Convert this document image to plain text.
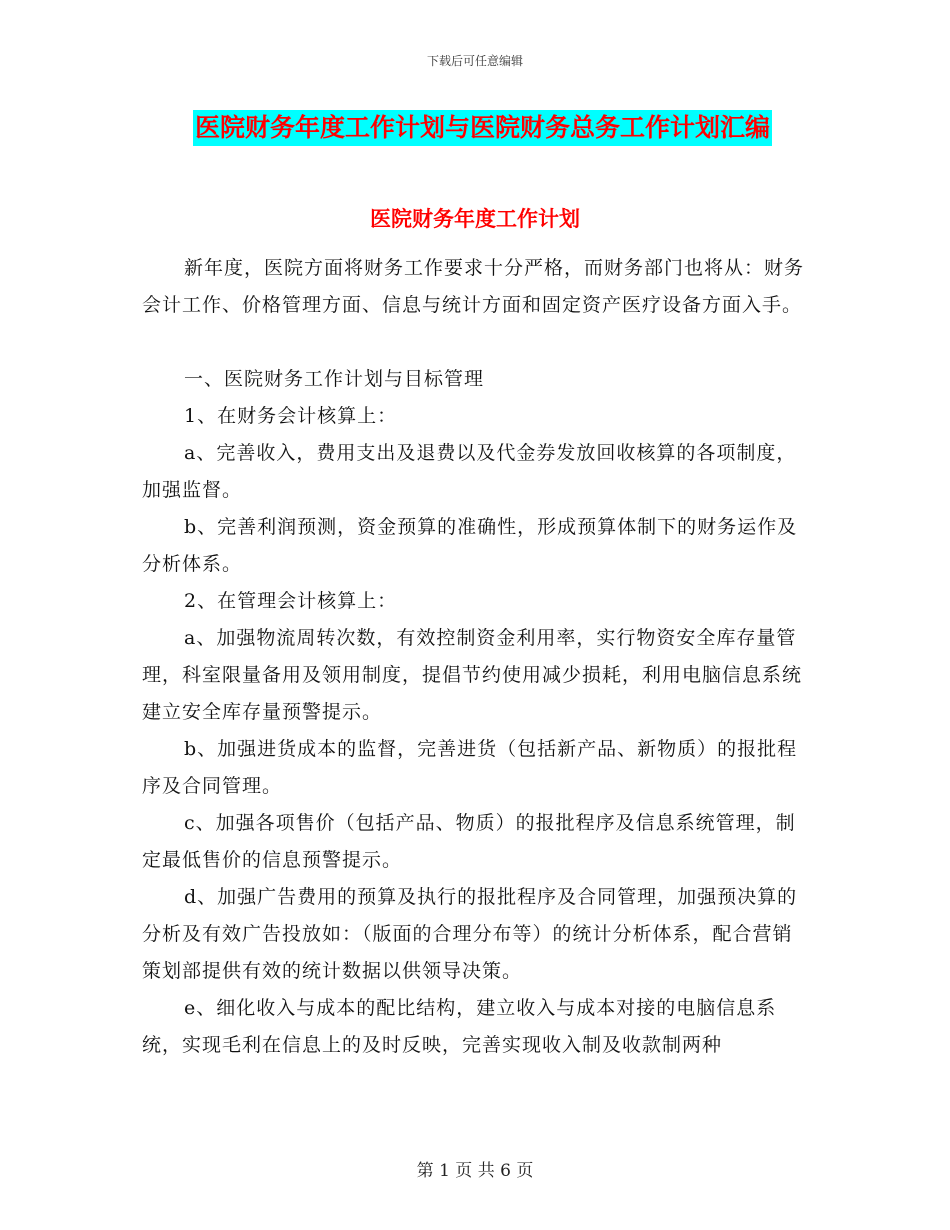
下载后可任意编辑
医院财务年度工作计划与医院财务总务工作计划汇编
医院财务年度工作计划

新年度，医院方面将财务工作要求十分严格，而财务部门也将从：财务会计工作、价格管理方面、信息与统计方面和固定资产医疗设备方面入手。

一、医院财务工作计划与目标管理

1、在财务会计核算上：

a、完善收入，费用支出及退费以及代金券发放回收核算的各项制度，加强监督。

b、完善利润预测，资金预算的准确性，形成预算体制下的财务运作及分析体系。

2、在管理会计核算上：

a、加强物流周转次数，有效控制资金利用率，实行物资安全库存量管理，科室限量备用及领用制度，提倡节约使用减少损耗，利用电脑信息系统建立安全库存量预警提示。

b、加强进货成本的监督，完善进货（包括新产品、新物质）的报批程序及合同管理。

c、加强各项售价（包括产品、物质）的报批程序及信息系统管理，制定最低售价的信息预警提示。

d、加强广告费用的预算及执行的报批程序及合同管理，加强预决算的分析及有效广告投放如：（版面的合理分布等）的统计分析体系，配合营销策划部提供有效的统计数据以供领导决策。

e、细化收入与成本的配比结构，建立收入与成本对接的电脑信息系统，实现毛利在信息上的及时反映，完善实现收入制及收款制两种

第 1 页 共 6 页
